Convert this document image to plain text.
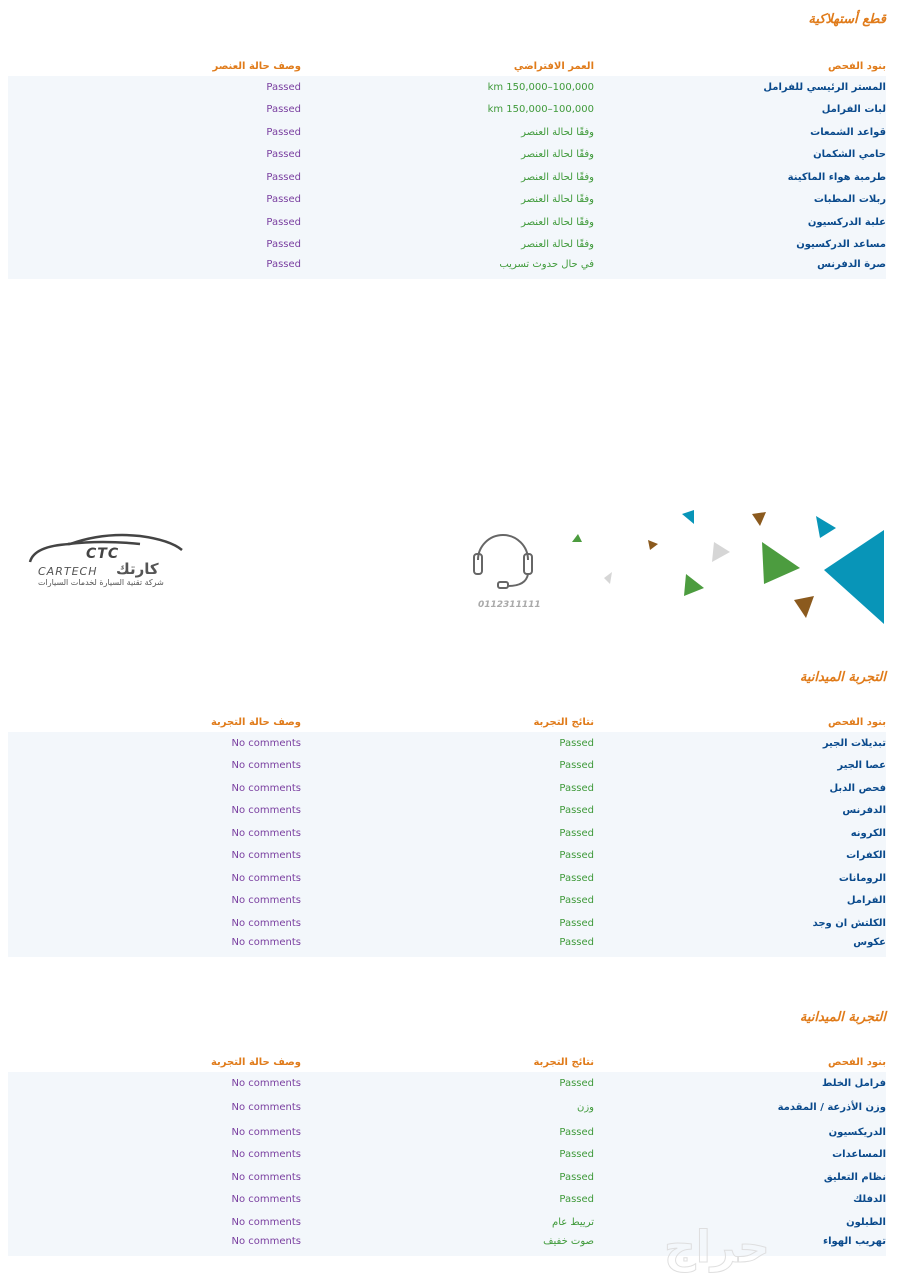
قطع أستهلاكية
وصف حالة العنصر	العمر الافتراضي	بنود الفحص
Passed	km 150,000–100,000	المستر الرئيسي للفرامل
Passed	km 150,000–100,000	لبات الفرامل
Passed	وفقًا لحالة العنصر	قواعد الشمعات
Passed	وفقًا لحالة العنصر	حامي الشكمان
Passed	وفقًا لحالة العنصر	طرمبة هواء الماكينة
Passed	وفقًا لحالة العنصر	ربلات المطبات
Passed	وفقًا لحالة العنصر	علبة الدركسيون
Passed	وفقًا لحالة العنصر	مساعد الدركسيون
Passed	في حال حدوث تسريب	صرة الدفرنس
CTC
CARTECH كارتك
شركة تقنية السيارة لخدمات السيارات
0112311111
التجربة الميدانية
وصف حالة التجربة	نتائج التجربة	بنود الفحص
No comments	Passed	تبديلات الجير
No comments	Passed	عصا الجير
No comments	Passed	فحص الدبل
No comments	Passed	الدفرنس
No comments	Passed	الكرونه
No comments	Passed	الكفرات
No comments	Passed	الرومانات
No comments	Passed	الفرامل
No comments	Passed	الكلتش ان وجد
No comments	Passed	عكوس
التجربة الميدانية
وصف حالة التجربة	نتائج التجربة	بنود الفحص
No comments	Passed	فرامل الخلط
No comments	وزن	وزن الأذرعة / المقدمة
No comments	Passed	الدريكسيون
No comments	Passed	المساعدات
No comments	Passed	نظام التعليق
No comments	Passed	الدفلك
No comments	ترييط عام	الطبلون
No comments	صوت خفيف	تهريب الهواء
حراج
